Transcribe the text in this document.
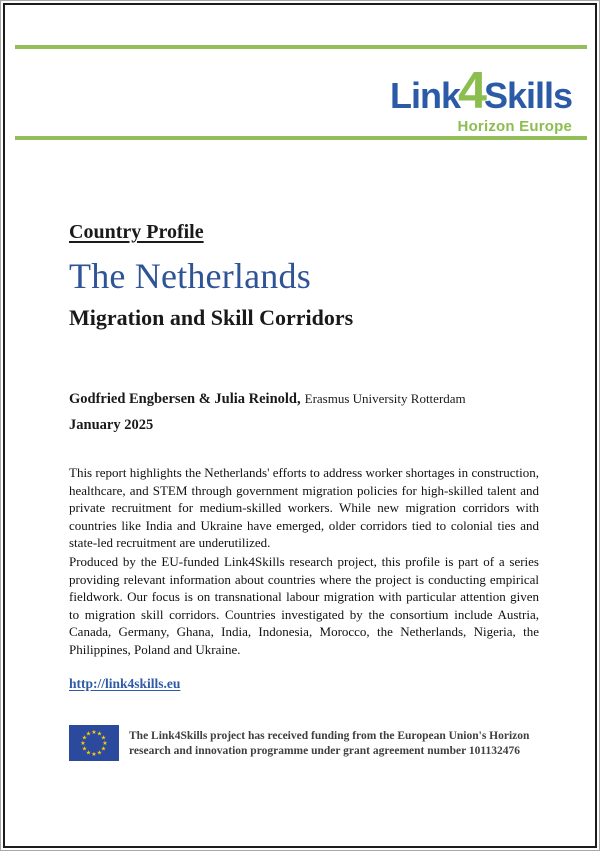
Link4Skills
Horizon Europe
Country Profile
The Netherlands
Migration and Skill Corridors
Godfried Engbersen & Julia Reinold, Erasmus University Rotterdam
January 2025

This report highlights the Netherlands' efforts to address worker shortages in construction, healthcare, and STEM through government migration policies for high-skilled talent and private recruitment for medium-skilled workers. While new migration corridors with countries like India and Ukraine have emerged, older corridors tied to colonial ties and state-led recruitment are underutilized.

Produced by the EU-funded Link4Skills research project, this profile is part of a series providing relevant information about countries where the project is conducting empirical fieldwork. Our focus is on transnational labour migration with particular attention given to migration skill corridors. Countries investigated by the consortium include Austria, Canada, Germany, Ghana, India, Indonesia, Morocco, the Netherlands, Nigeria, the Philippines, Poland and Ukraine.

http://link4skills.eu
★ ★
★
★
★
★
★
★
★
★
★
★	The Link4Skills project has received funding from the European Union's Horizon research and innovation programme under grant agreement number 101132476
